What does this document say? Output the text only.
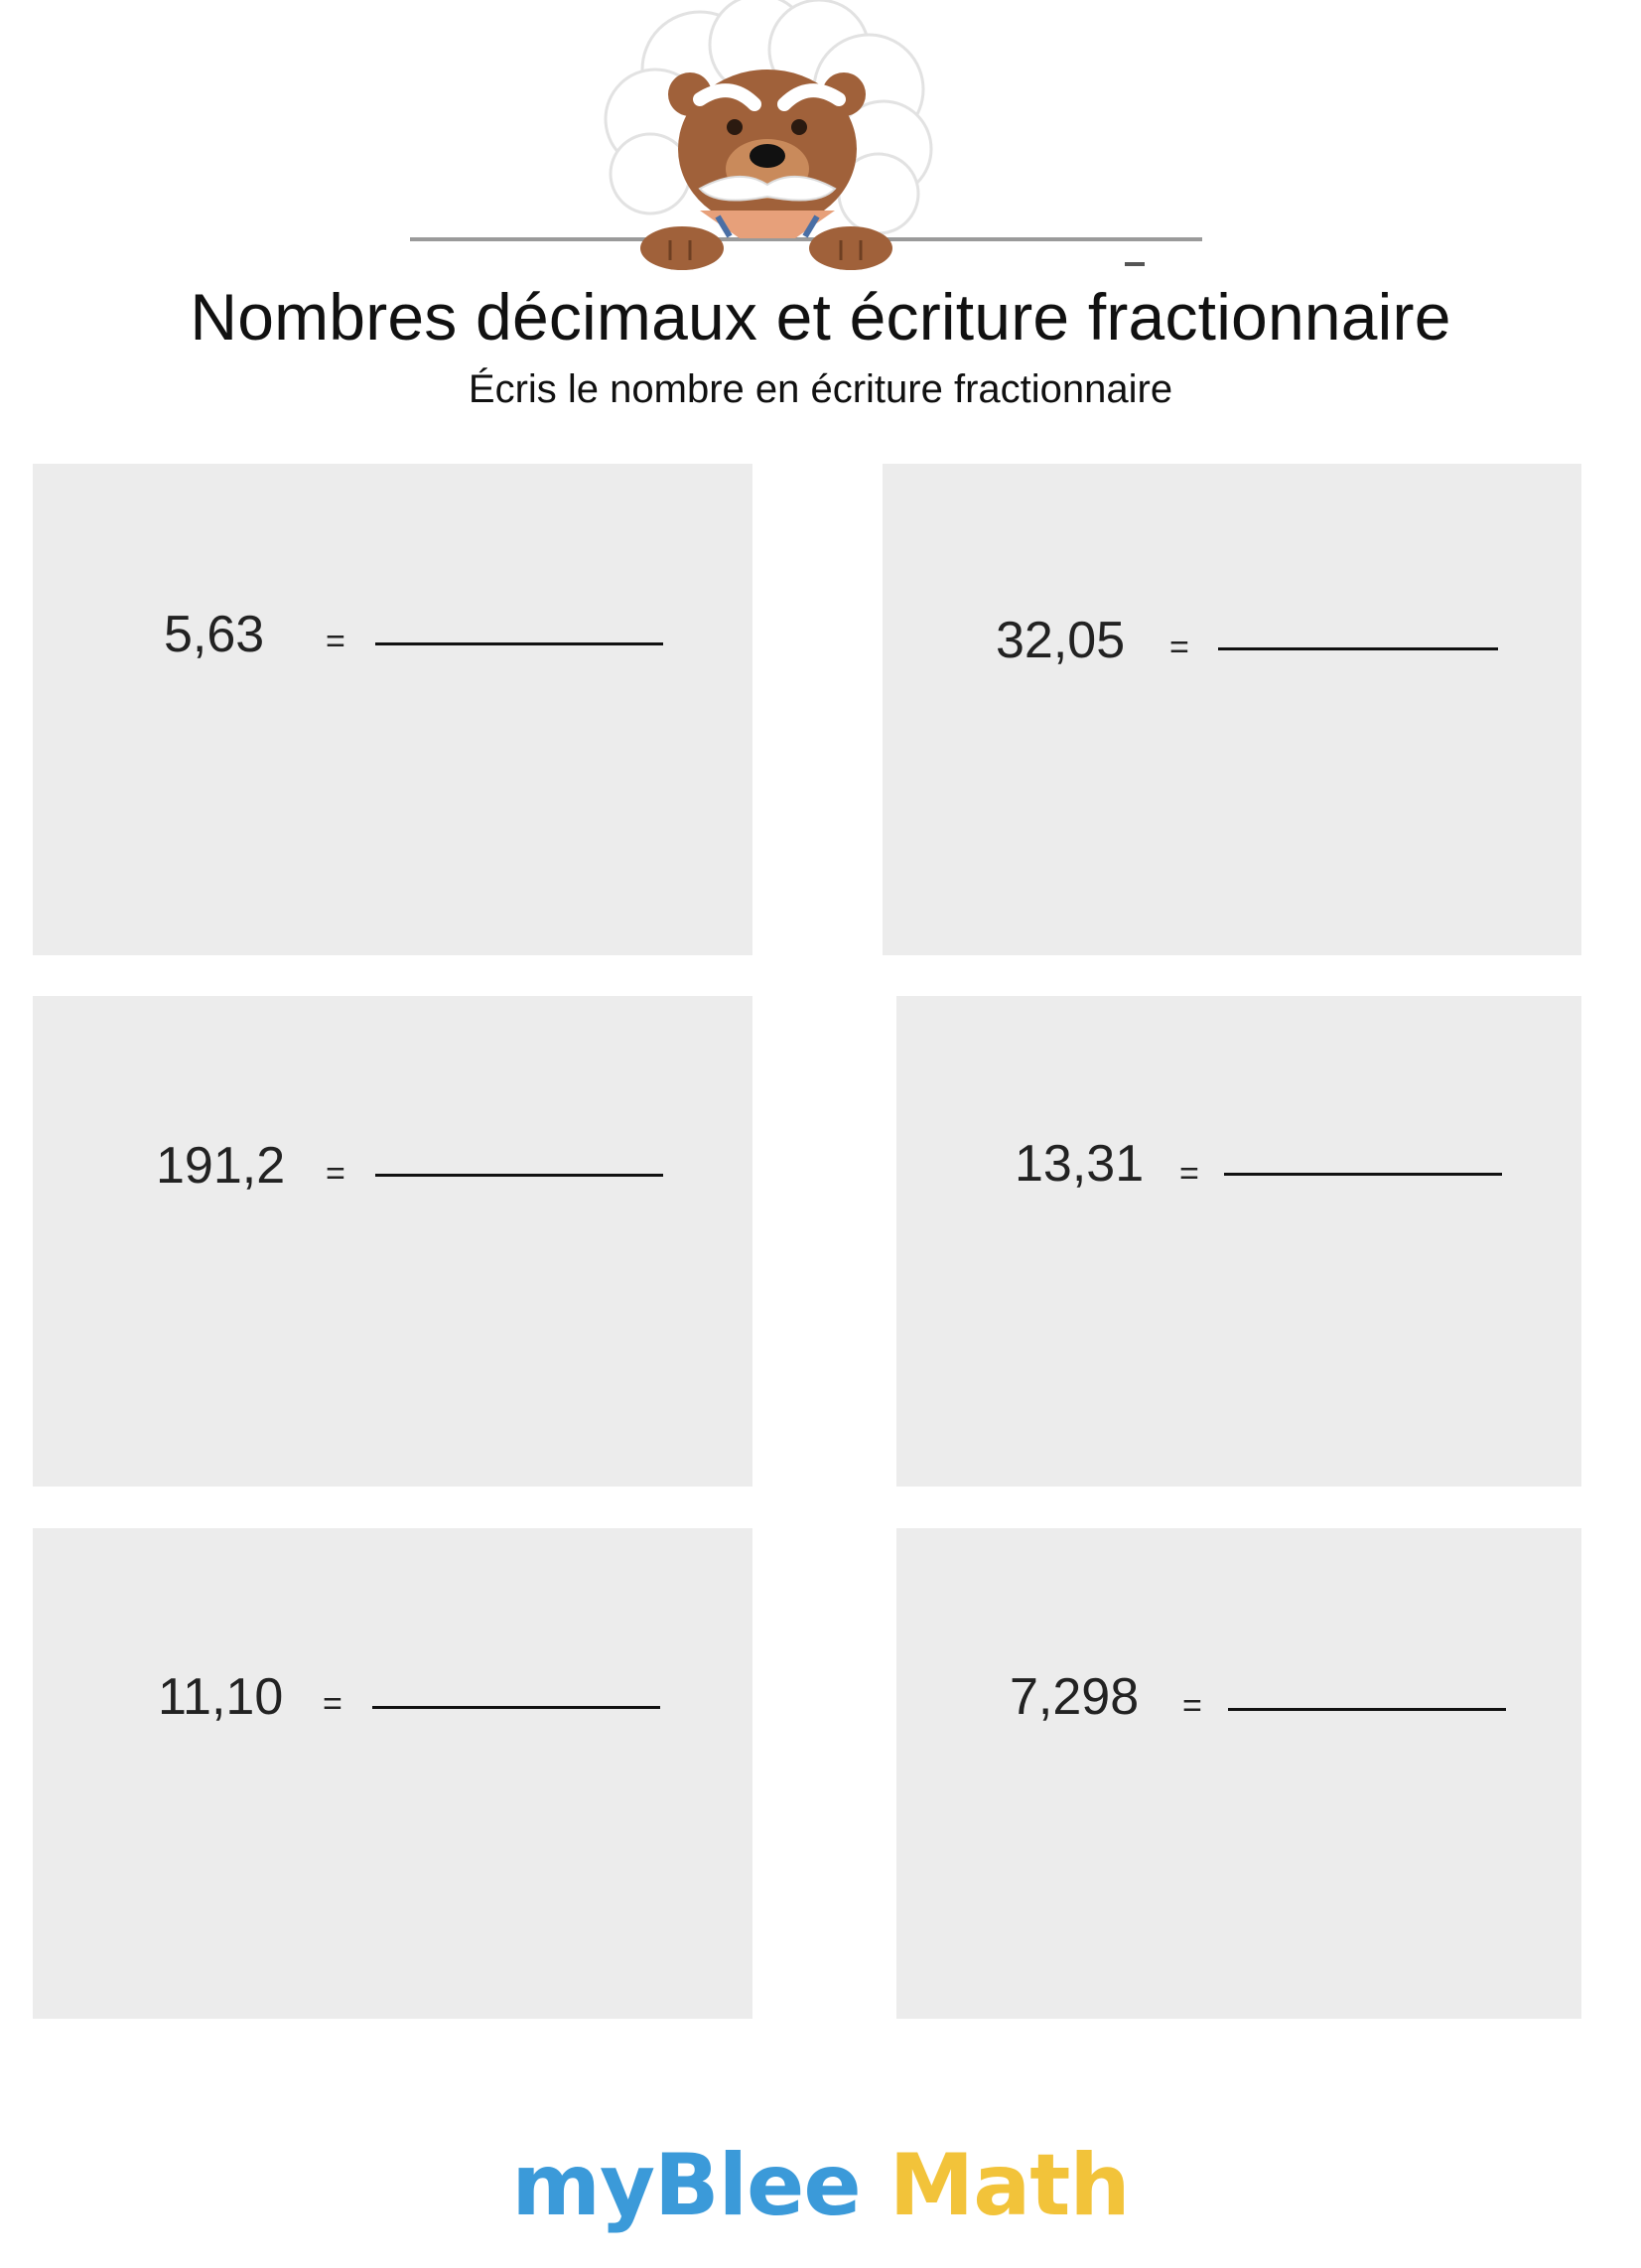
Nombres décimaux et écriture fractionnaire
Écris le nombre en écriture fractionnaire
5,63 =	32,05 =
191,2 =	13,31 =
11,10 =	7,298 =
myBlee Math
